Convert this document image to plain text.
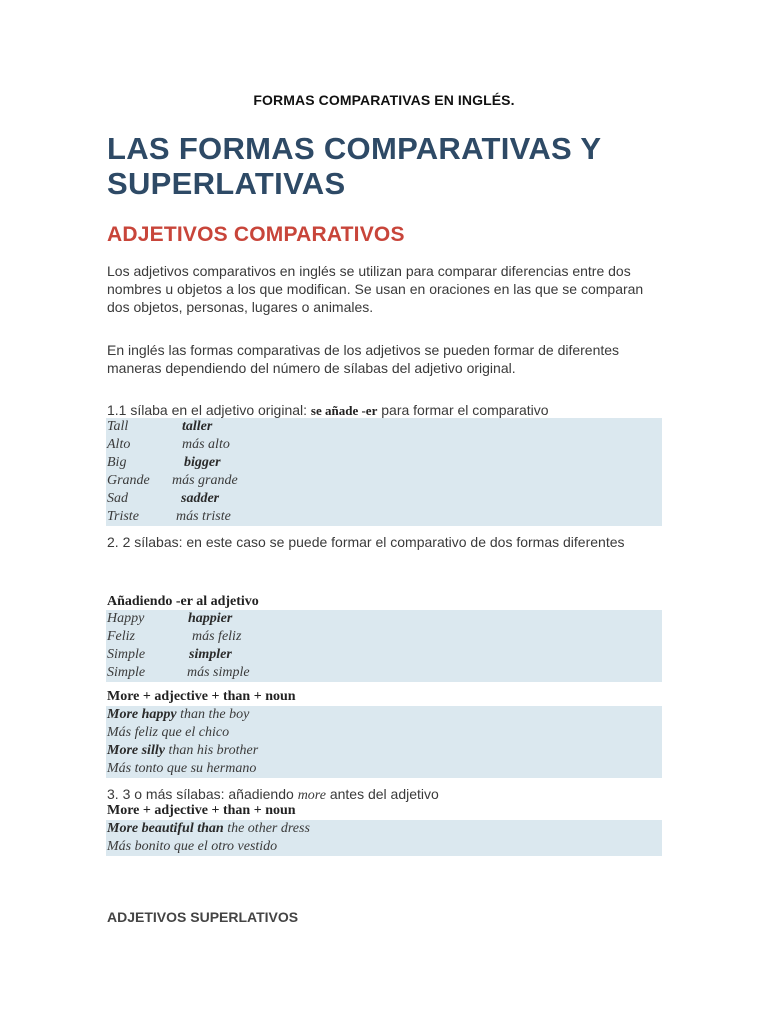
FORMAS COMPARATIVAS EN INGLÉS.
LAS FORMAS COMPARATIVAS Y SUPERLATIVAS
ADJETIVOS COMPARATIVOS
Los adjetivos comparativos en inglés se utilizan para comparar diferencias entre dos nombres u objetos a los que modifican. Se usan en oraciones en las que se comparan dos objetos, personas, lugares o animales.
En inglés las formas comparativas de los adjetivos se pueden formar de diferentes maneras dependiendo del número de sílabas del adjetivo original.
1.1 sílaba en el adjetivo original: se añade -er para formar el comparativo
Tall	taller
Alto	más alto
Big	bigger
Grande más grande
Sad	sadder
Triste	más triste
2. 2 sílabas: en este caso se puede formar el comparativo de dos formas diferentes
Añadiendo -er al adjetivo
Happy	happier
Feliz	más feliz
Simple	simpler
Simple	más simple
More + adjective + than + noun
More happy than the boy
Más feliz que el chico
More silly than his brother
Más tonto que su hermano
3. 3 o más sílabas: añadiendo more antes del adjetivo
More + adjective + than + noun
More beautiful than the other dress
Más bonito que el otro vestido
ADJETIVOS SUPERLATIVOS
